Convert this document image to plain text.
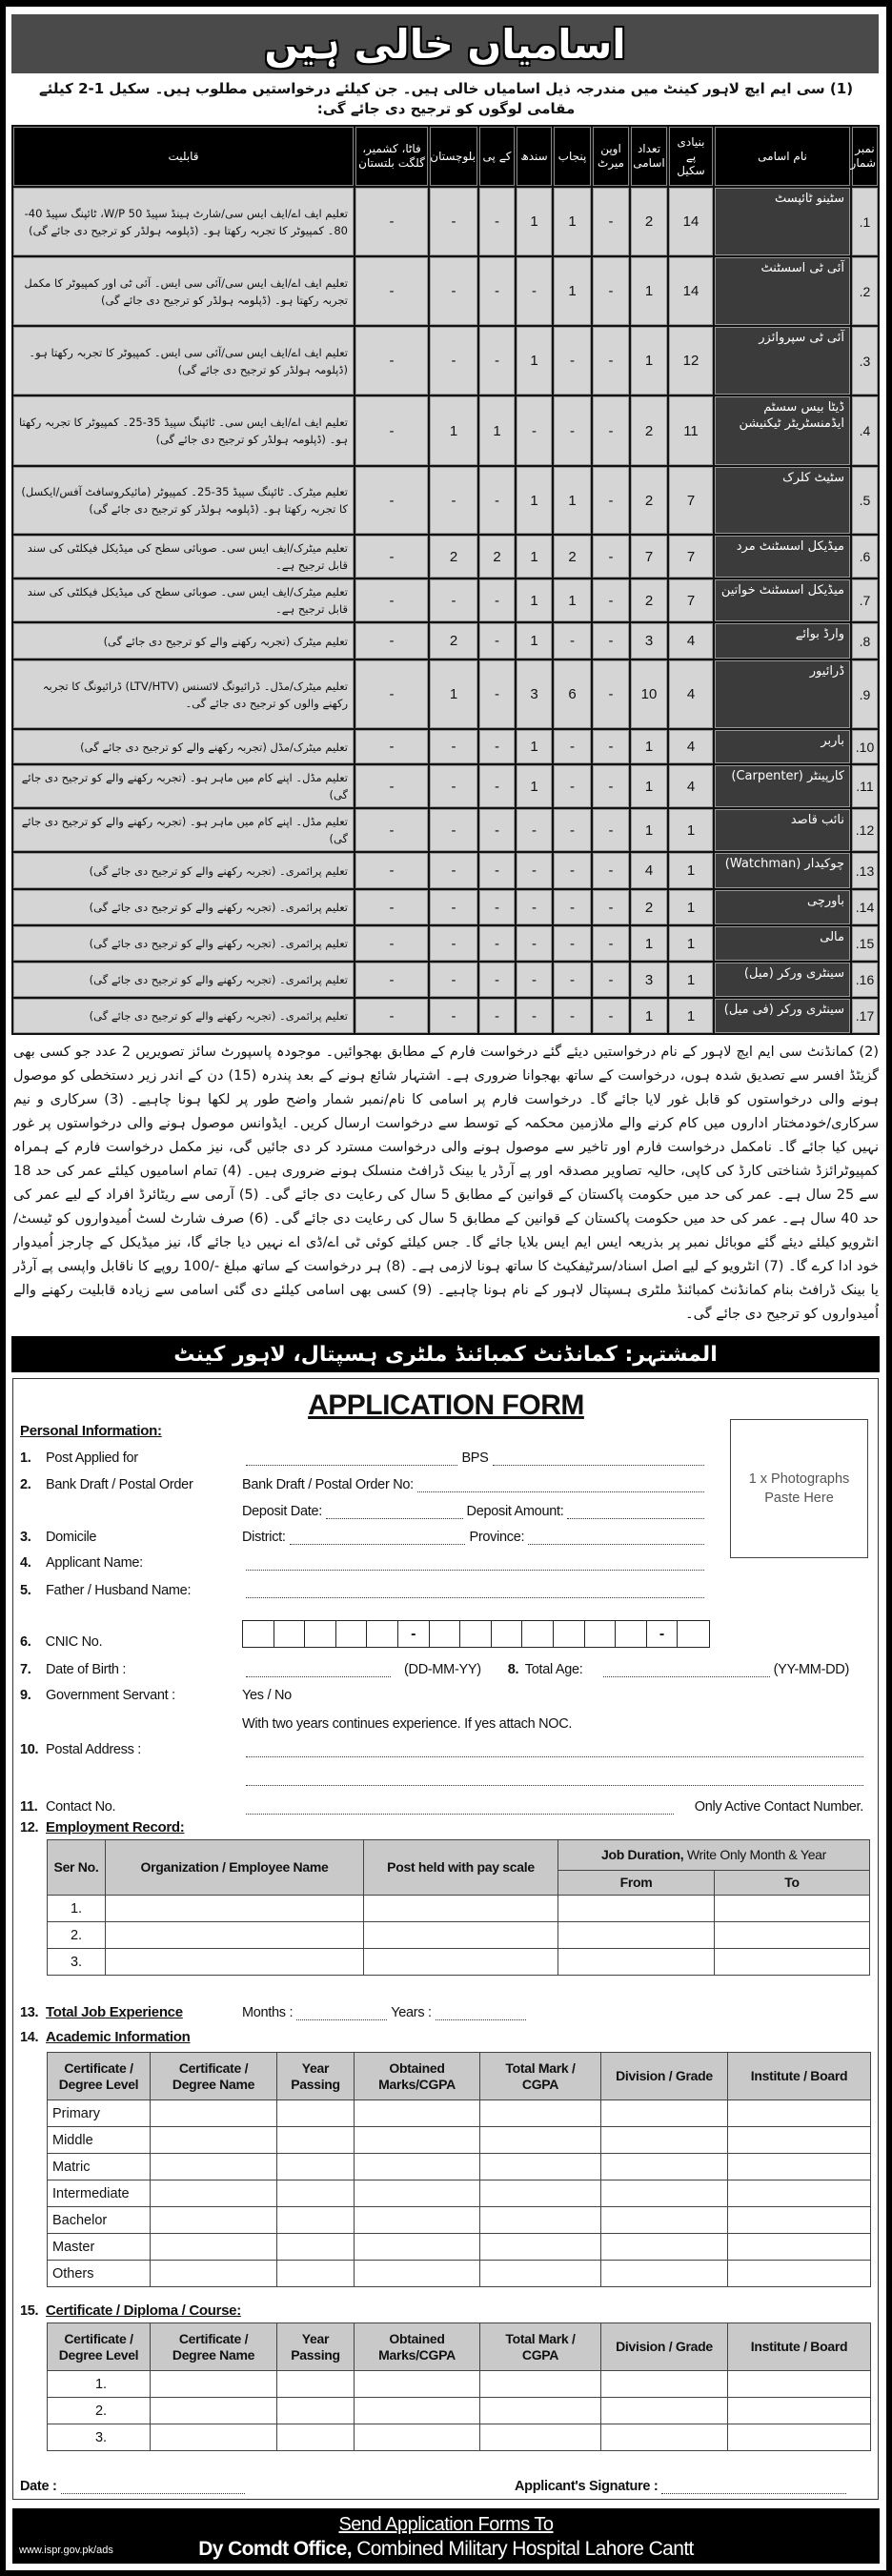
اسامیاں خالی ہیں
(1) سی ایم ایچ لاہور کینٹ میں مندرجہ ذیل اسامیاں خالی ہیں۔ جن کیلئے درخواستیں مطلوب ہیں۔ سکیل 1-2 کیلئے مقامی لوگوں کو ترجیح دی جائے گی:
نمبر شمار	نام اسامی	بنیادی پے سکیل	تعداد اسامی	اوپن میرٹ	پنجاب	سندھ	کے پی	بلوچستان	فاٹا، کشمیر، گلگت بلتستان	قابلیت
1.	سٹینو ٹائپسٹ	14	2	-	1	1	-	-	-	تعلیم ایف اے/ایف ایس سی/شارٹ ہینڈ سپیڈ 50 W/P، ٹائپنگ سپیڈ 40-80۔ کمپیوٹر کا تجربہ رکھتا ہو۔ (ڈپلومہ ہولڈر کو ترجیح دی جائے گی)
2.	آئی ٹی اسسٹنٹ	14	1	-	1	-	-	-	-	تعلیم ایف اے/ایف ایس سی/آئی سی ایس۔ آئی ٹی اور کمپیوٹر کا مکمل تجربہ رکھتا ہو۔ (ڈپلومہ ہولڈر کو ترجیح دی جائے گی)
3.	آئی ٹی سپروائزر	12	1	-	-	1	-	-	-	تعلیم ایف اے/ایف ایس سی/آئی سی ایس۔ کمپیوٹر کا تجربہ رکھتا ہو۔ (ڈپلومہ ہولڈر کو ترجیح دی جائے گی)
4.	ڈیٹا بیس سسٹم ایڈمنسٹریٹر ٹیکنیشن	11	2	-	-	-	1	1	-	تعلیم ایف اے/ایف ایس سی۔ ٹائپنگ سپیڈ 35-25۔ کمپیوٹر کا تجربہ رکھتا ہو۔ (ڈپلومہ ہولڈر کو ترجیح دی جائے گی)
5.	سٹیٹ کلرک	7	2	-	1	1	-	-	-	تعلیم میٹرک۔ ٹائپنگ سپیڈ 35-25۔ کمپیوٹر (مائیکروسافٹ آفس/ایکسل) کا تجربہ رکھتا ہو۔ (ڈپلومہ ہولڈر کو ترجیح دی جائے گی)
6.	میڈیکل اسسٹنٹ مرد	7	7	-	2	1	2	2	-	تعلیم میٹرک/ایف ایس سی۔ صوبائی سطح کی میڈیکل فیکلٹی کی سند قابل ترجیح ہے۔
7.	میڈیکل اسسٹنٹ خواتین	7	2	-	1	1	-	-	-	تعلیم میٹرک/ایف ایس سی۔ صوبائی سطح کی میڈیکل فیکلٹی کی سند قابل ترجیح ہے۔
8.	وارڈ بوائے	4	3	-	-	1	-	2	-	تعلیم میٹرک (تجربہ رکھنے والے کو ترجیح دی جائے گی)
9.	ڈرائیور	4	10	-	6	3	-	1	-	تعلیم میٹرک/مڈل۔ ڈرائیونگ لائسنس (LTV/HTV) ڈرائیونگ کا تجربہ رکھنے والوں کو ترجیح دی جائے گی۔
10.	باربر	4	1	-	-	1	-	-	-	تعلیم میٹرک/مڈل (تجربہ رکھنے والے کو ترجیح دی جائے گی)
11.	کارپینٹر (Carpenter)	4	1	-	-	1	-	-	-	تعلیم مڈل۔ اپنے کام میں ماہر ہو۔ (تجربہ رکھنے والے کو ترجیح دی جائے گی)
12.	نائب قاصد	1	1	-	-	-	-	-	-	تعلیم مڈل۔ اپنے کام میں ماہر ہو۔ (تجربہ رکھنے والے کو ترجیح دی جائے گی)
13.	چوکیدار (Watchman)	1	4	-	-	-	-	-	-	تعلیم پرائمری۔ (تجربہ رکھنے والے کو ترجیح دی جائے گی)
14.	باورچی	1	2	-	-	-	-	-	-	تعلیم پرائمری۔ (تجربہ رکھنے والے کو ترجیح دی جائے گی)
15.	مالی	1	1	-	-	-	-	-	-	تعلیم پرائمری۔ (تجربہ رکھنے والے کو ترجیح دی جائے گی)
16.	سینٹری ورکر (میل)	1	3	-	-	-	-	-	-	تعلیم پرائمری۔ (تجربہ رکھنے والے کو ترجیح دی جائے گی)
17.	سینٹری ورکر (فی میل)	1	1	-	-	-	-	-	-	تعلیم پرائمری۔ (تجربہ رکھنے والے کو ترجیح دی جائے گی)
(2) کمانڈنٹ سی ایم ایچ لاہور کے نام درخواستیں دیئے گئے درخواست فارم کے مطابق بھجوائیں۔ موجودہ پاسپورٹ سائز تصویریں 2 عدد جو کسی بھی گزیٹڈ افسر سے تصدیق شدہ ہوں، درخواست کے ساتھ بھجوانا ضروری ہے۔ اشتہار شائع ہونے کے بعد پندرہ (15) دن کے اندر زیر دستخطی کو موصول ہونے والی درخواستوں کو قابل غور لایا جائے گا۔ درخواست فارم پر اسامی کا نام/نمبر شمار واضح طور پر لکھا ہونا چاہیے۔ (3) سرکاری و نیم سرکاری/خودمختار اداروں میں کام کرنے والے ملازمین محکمہ کے توسط سے درخواست ارسال کریں۔ ایڈوانس موصول ہونے والی درخواستوں پر غور نہیں کیا جائے گا۔ نامکمل درخواست فارم اور تاخیر سے موصول ہونے والی درخواست مسترد کر دی جائیں گی، نیز مکمل درخواست فارم کے ہمراہ کمپیوٹرائزڈ شناختی کارڈ کی کاپی، حالیہ تصاویر مصدقہ اور پے آرڈر یا بینک ڈرافٹ منسلک ہونے ضروری ہیں۔ (4) تمام اسامیوں کیلئے عمر کی حد 18 سے 25 سال ہے۔ عمر کی حد میں حکومت پاکستان کے قوانین کے مطابق 5 سال کی رعایت دی جائے گی۔ (5) آرمی سے ریٹائرڈ افراد کے لیے عمر کی حد 40 سال ہے۔ عمر کی حد میں حکومت پاکستان کے قوانین کے مطابق 5 سال کی رعایت دی جائے گی۔ (6) صرف شارٹ لسٹ اُمیدواروں کو ٹیسٹ/انٹرویو کیلئے دیئے گئے موبائل نمبر پر بذریعہ ایس ایم ایس بلایا جائے گا۔ جس کیلئے کوئی ٹی اے/ڈی اے نہیں دیا جائے گا، نیز میڈیکل کے چارجز اُمیدوار خود ادا کرے گا۔ (7) انٹرویو کے لیے اصل اسناد/سرٹیفکیٹ کا ساتھ ہونا لازمی ہے۔ (8) ہر درخواست کے ساتھ مبلغ -/100 روپے کا ناقابل واپسی پے آرڈر یا بینک ڈرافٹ بنام کمانڈنٹ کمبائنڈ ملٹری ہسپتال لاہور کے نام ہونا چاہیے۔ (9) کسی بھی اسامی کیلئے دی گئی اسامی سے زیادہ قابلیت رکھنے والے اُمیدواروں کو ترجیح دی جائے گی۔
المشتہر: کمانڈنٹ کمبائنڈ ملٹری ہسپتال، لاہور کینٹ
APPLICATION FORM
Personal Information:
1 x Photographs Paste Here
1.	Post Applied for	BPS
2.	Bank Draft / Postal Order	Bank Draft / Postal Order No:
Deposit Date:	Deposit Amount:
3.	Domicile	District:	Province:
4.	Applicant Name:
5.	Father / Husband Name:
6.	CNIC No.
-	-
7.	Date of Birth :	(DD-MM-YY) 8. Total Age:	(YY-MM-DD)
9.	Government Servant :	Yes / No
With two years continues experience. If yes attach NOC.
10. Postal Address :
11. Contact No.	Only Active Contact Number.
12. Employment Record:
Ser No.	Organization / Employee Name	Post held with pay scale	Job Duration, Write Only Month & Year	
			From	To
1.				
2.				
3.				
13. Total Job Experience	Months :	Years :
14. Academic Information
Certificate / Degree Level	Certificate / Degree Name	Year Passing	Obtained Marks/CGPA	Total Mark / CGPA	Division / Grade	Institute / Board
Primary						
Middle						
Matric						
Intermediate						
Bachelor						
Master						
Others						
15. Certificate / Diploma / Course:
Certificate / Degree Level	Certificate / Degree Name	Year Passing	Obtained Marks/CGPA	Total Mark / CGPA	Division / Grade	Institute / Board
1.						
2.						
3.						
Date :	Applicant's Signature :
Send Application Forms To
Dy Comdt Office, Combined Military Hospital Lahore Cantt
www.ispr.gov.pk/ads
